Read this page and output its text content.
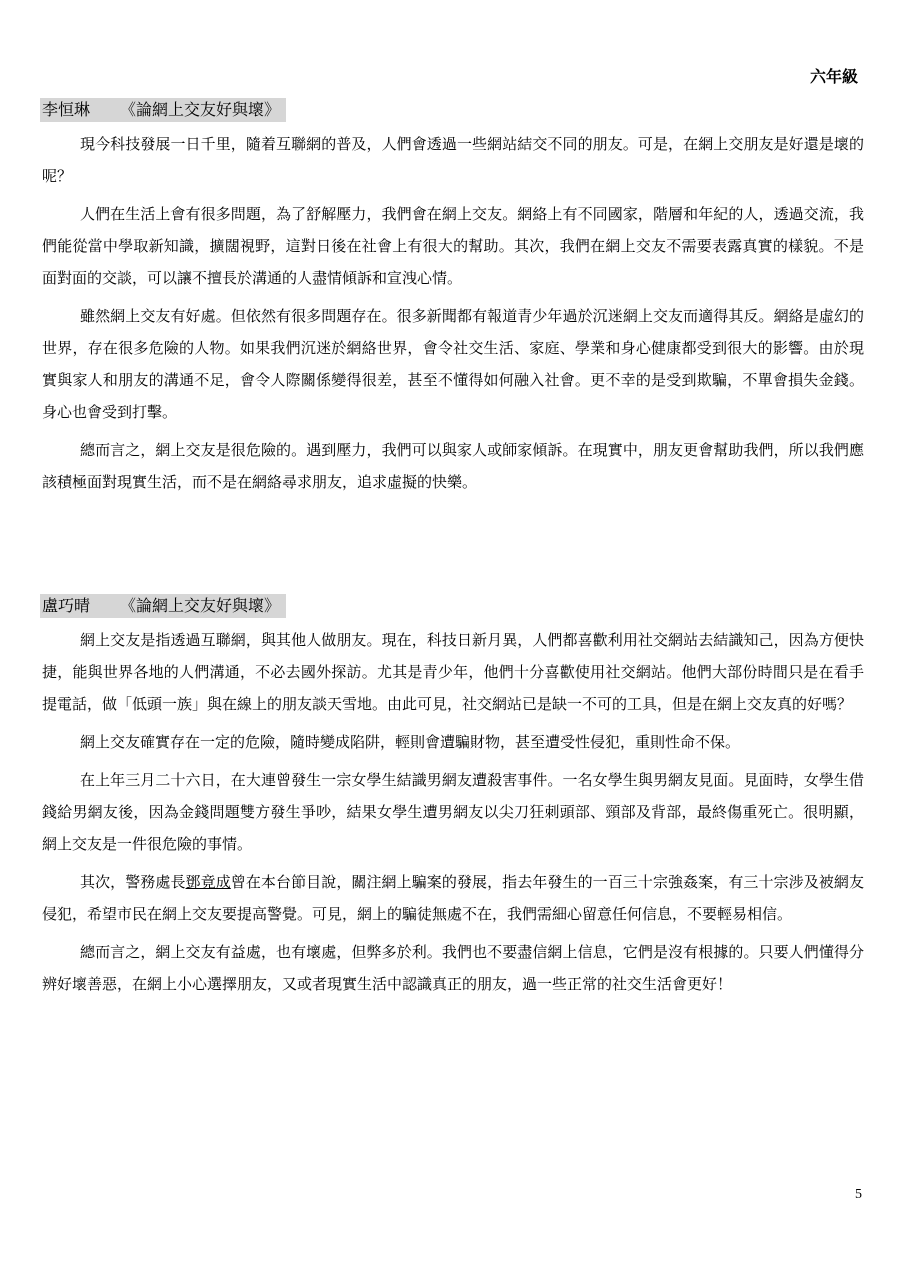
六年級

李恒琳 《論網上交友好與壞》

現今科技發展一日千里，隨着互聯網的普及，人們會透過一些網站結交不同的朋友。可是，在網上交朋友是好還是壞的呢？

人們在生活上會有很多問題，為了舒解壓力，我們會在網上交友。網絡上有不同國家，階層和年紀的人，透過交流，我們能從當中學取新知識，擴闊視野，這對日後在社會上有很大的幫助。其次，我們在網上交友不需要表露真實的樣貌。不是面對面的交談，可以讓不擅長於溝通的人盡情傾訴和宣洩心情。

雖然網上交友有好處。但依然有很多問題存在。很多新聞都有報道青少年過於沉迷網上交友而適得其反。網絡是虛幻的世界，存在很多危險的人物。如果我們沉迷於網絡世界，會令社交生活、家庭、學業和身心健康都受到很大的影響。由於現實與家人和朋友的溝通不足，會令人際關係變得很差，甚至不懂得如何融入社會。更不幸的是受到欺騙，不單會損失金錢。身心也會受到打擊。

總而言之，網上交友是很危險的。遇到壓力，我們可以與家人或師家傾訴。在現實中，朋友更會幫助我們，所以我們應該積極面對現實生活，而不是在網絡尋求朋友，追求虛擬的快樂。

盧巧晴 《論網上交友好與壞》

網上交友是指透過互聯網，與其他人做朋友。現在，科技日新月異，人們都喜歡利用社交網站去結識知己，因為方便快捷，能與世界各地的人們溝通，不必去國外探訪。尤其是青少年，他們十分喜歡使用社交網站。他們大部份時間只是在看手提電話，做「低頭一族」與在線上的朋友談天雪地。由此可見，社交網站已是缺一不可的工具，但是在網上交友真的好嗎？

網上交友確實存在一定的危險，隨時變成陷阱，輕則會遭騙財物，甚至遭受性侵犯，重則性命不保。

在上年三月二十六日，在大連曾發生一宗女學生結識男網友遭殺害事件。一名女學生與男網友見面。見面時，女學生借錢給男網友後，因為金錢問題雙方發生爭吵，結果女學生遭男網友以尖刀狂刺頭部、頸部及背部，最終傷重死亡。很明顯，網上交友是一件很危險的事情。

其次，警務處長鄧竟成曾在本台節目說，關注網上騙案的發展，指去年發生的一百三十宗強姦案，有三十宗涉及被網友侵犯，希望市民在網上交友要提高警覺。可見，網上的騙徒無處不在，我們需細心留意任何信息，不要輕易相信。

總而言之，網上交友有益處，也有壞處，但弊多於利。我們也不要盡信網上信息，它們是沒有根據的。只要人們懂得分辨好壞善惡，在網上小心選擇朋友，又或者現實生活中認識真正的朋友，過一些正常的社交生活會更好！

5
